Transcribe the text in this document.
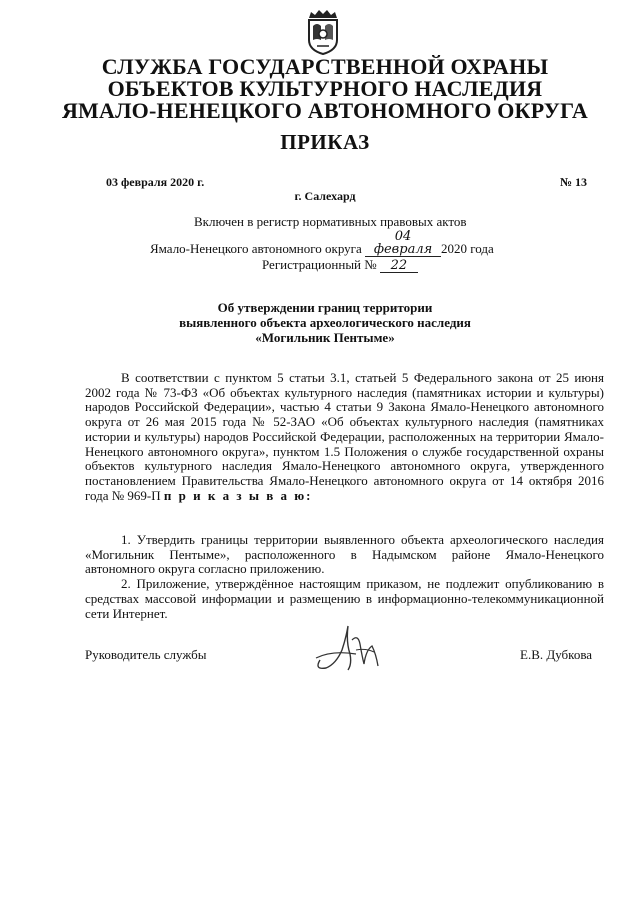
СЛУЖБА ГОСУДАРСТВЕННОЙ ОХРАНЫ
ОБЪЕКТОВ КУЛЬТУРНОГО НАСЛЕДИЯ
ЯМАЛО-НЕНЕЦКОГО АВТОНОМНОГО ОКРУГА
ПРИКАЗ
03 февраля 2020 г.	№ 13
г. Салехард
Включен в регистр нормативных правовых актов
Ямало-Ненецкого автономного округа 04 февраля 2020 года
Регистрационный № 22
Об утверждении границ территории
выявленного объекта археологического наследия
«Могильник Пентыме»

В соответствии с пунктом 5 статьи 3.1, статьей 5 Федерального закона от 25 июня 2002 года № 73-ФЗ «Об объектах культурного наследия (памятниках истории и культуры) народов Российской Федерации», частью 4 статьи 9 Закона Ямало-Ненецкого автономного округа от 26 мая 2015 года № 52-ЗАО «Об объектах культурного наследия (памятниках истории и культуры) народов Российской Федерации, расположенных на территории Ямало-Ненецкого автономного округа», пунктом 1.5 Положения о службе государственной охраны объектов культурного наследия Ямало-Ненецкого автономного округа, утвержденного постановлением Правительства Ямало-Ненецкого автономного округа от 14 октября 2016 года № 969-П п р и к а з ы в а ю:

1. Утвердить границы территории выявленного объекта археологического наследия «Могильник Пентыме», расположенного в Надымском районе Ямало-Ненецкого автономного округа согласно приложению.

2. Приложение, утверждённое настоящим приказом, не подлежит опубликованию в средствах массовой информации и размещению в информационно-телекоммуникационной сети Интернет.

Руководитель службы	Е.В. Дубкова
